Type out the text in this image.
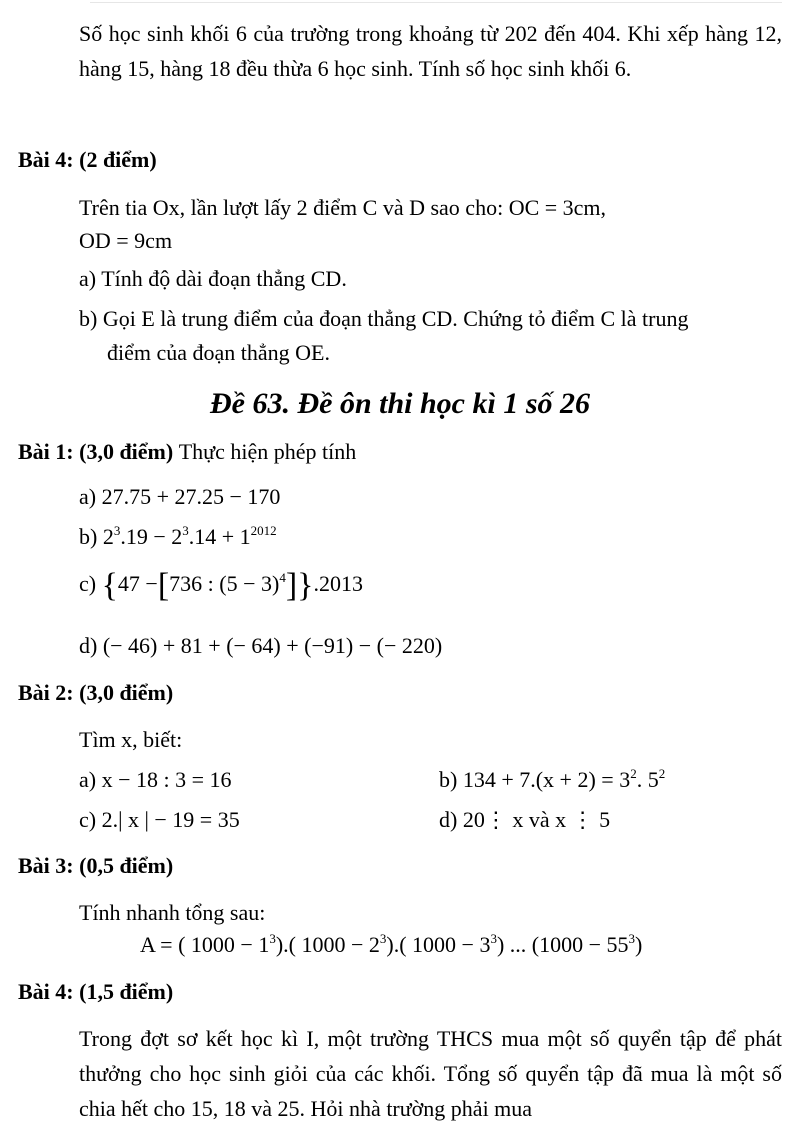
Số học sinh khối 6 của trường trong khoảng từ 202 đến 404. Khi xếp hàng 12, hàng 15, hàng 18 đều thừa 6 học sinh. Tính số học sinh khối 6.
Bài 4: (2 điểm)
Trên tia Ox, lần lượt lấy 2 điểm C và D sao cho: OC = 3cm,
OD = 9cm
a) Tính độ dài đoạn thẳng CD.
b) Gọi E là trung điểm của đoạn thẳng CD. Chứng tỏ điểm C là trung
điểm của đoạn thẳng OE.
Đề 63. Đề ôn thi học kì 1 số 26
Bài 1: (3,0 điểm) Thực hiện phép tính
a) 27.75 + 27.25 − 170
b) $2^3.19 - 2^3.14 + 1^{2012}$
c) {47 −[736 : $(5 - 3)^4]\}.2013$
d) (− 46) + 81 + (− 64) + (−91) − (− 220)
Bài 2: (3,0 điểm)
Tìm x, biết:
a) x − 18 : 3 = 16	b) $134 + 7.(x + 2) = 3^2$. $5^2$
c) 2.| x | − 19 = 35	d) 20⋮ x và x ⋮ 5
Bài 3: (0,5 điểm)
Tính nhanh tổng sau:
A = ( $1000 - 1^3$).( $1000 - 2^3$).( $1000 - 3^3$) ... $(1000 - 55^3)$
Bài 4: (1,5 điểm)
Trong đợt sơ kết học kì I, một trường THCS mua một số quyển tập để phát thưởng cho học sinh giỏi của các khối. Tổng số quyển tập đã mua là một số chia hết cho 15, 18 và 25. Hỏi nhà trường phải mua
